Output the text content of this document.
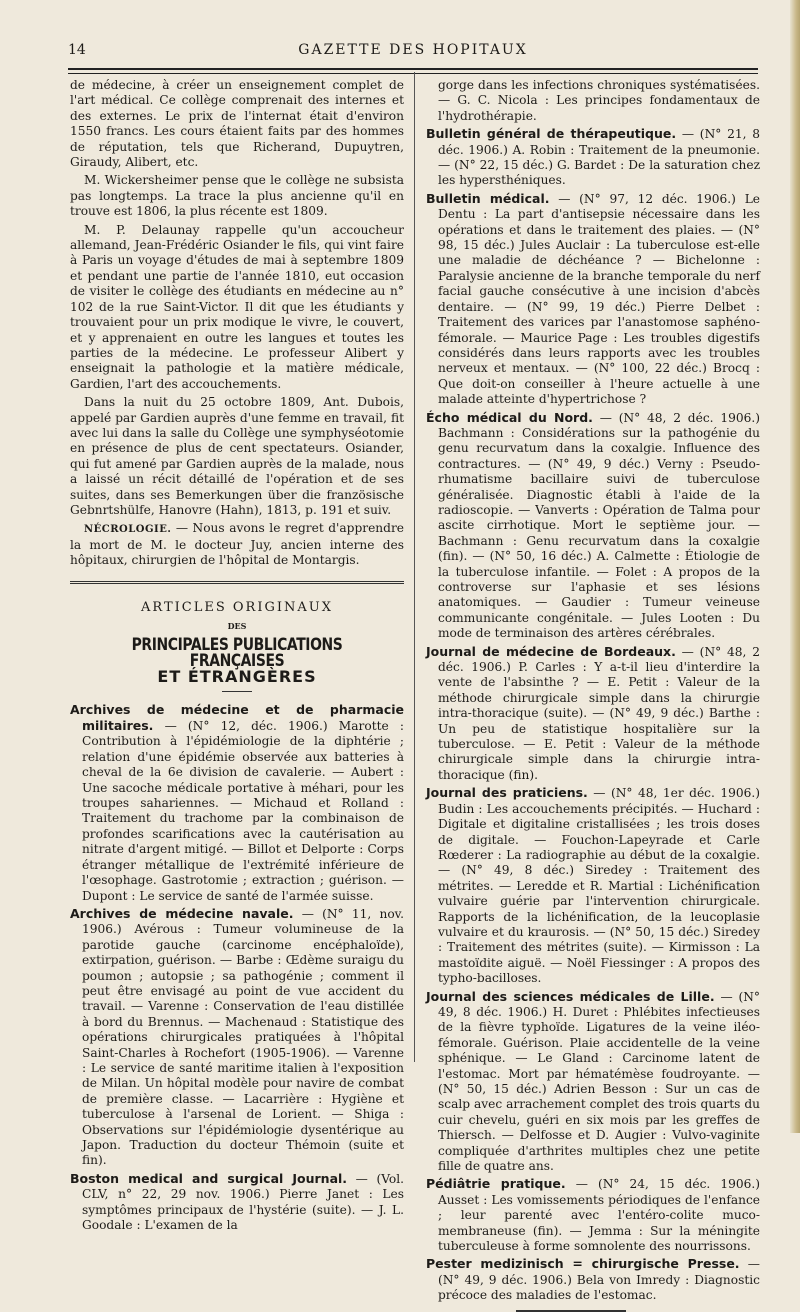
14	GAZETTE DES HOPITAUX

de médecine, à créer un enseignement complet de l'art médical. Ce collège comprenait des internes et des externes. Le prix de l'internat était d'environ 1550 francs. Les cours étaient faits par des hommes de réputation, tels que Richerand, Dupuytren, Giraudy, Alibert, etc.

M. Wickersheimer pense que le collège ne subsista pas longtemps. La trace la plus ancienne qu'il en trouve est 1806, la plus récente est 1809.

M. P. Delaunay rappelle qu'un accoucheur allemand, Jean-Frédéric Osiander le fils, qui vint faire à Paris un voyage d'études de mai à septembre 1809 et pendant une partie de l'année 1810, eut occasion de visiter le collège des étudiants en médecine au n° 102 de la rue Saint-Victor. Il dit que les étudiants y trouvaient pour un prix modique le vivre, le couvert, et y apprenaient en outre les langues et toutes les parties de la médecine. Le professeur Alibert y enseignait la pathologie et la matière médicale, Gardien, l'art des accouchements.

Dans la nuit du 25 octobre 1809, Ant. Dubois, appelé par Gardien auprès d'une femme en travail, fit avec lui dans la salle du Collège une symphyséotomie en présence de plus de cent spectateurs. Osiander, qui fut amené par Gardien auprès de la malade, nous a laissé un récit détaillé de l'opération et de ses suites, dans ses Bemerkungen über die französische Gebnrtshülfe, Hanovre (Hahn), 1813, p. 191 et suiv.

NÉCROLOGIE. — Nous avons le regret d'apprendre la mort de M. le docteur Juy, ancien interne des hôpitaux, chirurgien de l'hôpital de Montargis.

ARTICLES ORIGINAUX
DES
PRINCIPALES PUBLICATIONS FRANÇAISES
ET ÉTRANGÈRES

Archives de médecine et de pharmacie militaires. — (N° 12, déc. 1906.) Marotte : Contribution à l'épidémiologie de la diphtérie ; relation d'une épidémie observée aux batteries à cheval de la 6e division de cavalerie. — Aubert : Une sacoche médicale portative à méhari, pour les troupes sahariennes. — Michaud et Rolland : Traitement du trachome par la combinaison de profondes scarifications avec la cautérisation au nitrate d'argent mitigé. — Billot et Delporte : Corps étranger métallique de l'extrémité inférieure de l'œsophage. Gastrotomie ; extraction ; guérison. — Dupont : Le service de santé de l'armée suisse.

Archives de médecine navale. — (N° 11, nov. 1906.) Avérous : Tumeur volumineuse de la parotide gauche (carcinome encéphaloïde), extirpation, guérison. — Barbe : Œdème suraigu du poumon ; autopsie ; sa pathogénie ; comment il peut être envisagé au point de vue accident du travail. — Varenne : Conservation de l'eau distillée à bord du Brennus. — Machenaud : Statistique des opérations chirurgicales pratiquées à l'hôpital Saint-Charles à Rochefort (1905-1906). — Varenne : Le service de santé maritime italien à l'exposition de Milan. Un hôpital modèle pour navire de combat de première classe. — Lacarrière : Hygiène et tuberculose à l'arsenal de Lorient. — Shiga : Observations sur l'épidémiologie dysentérique au Japon. Traduction du docteur Thémoin (suite et fin).

Boston medical and surgical Journal. — (Vol. CLV, n° 22, 29 nov. 1906.) Pierre Janet : Les symptômes principaux de l'hystérie (suite). — J. L. Goodale : L'examen de la

gorge dans les infections chroniques systématisées. — G. C. Nicola : Les principes fondamentaux de l'hydrothérapie.

Bulletin général de thérapeutique. — (N° 21, 8 déc. 1906.) A. Robin : Traitement de la pneumonie. — (N° 22, 15 déc.) G. Bardet : De la saturation chez les hypersthéniques.

Bulletin médical. — (N° 97, 12 déc. 1906.) Le Dentu : La part d'antisepsie nécessaire dans les opérations et dans le traitement des plaies. — (N° 98, 15 déc.) Jules Auclair : La tuberculose est-elle une maladie de déchéance ? — Bichelonne : Paralysie ancienne de la branche temporale du nerf facial gauche consécutive à une incision d'abcès dentaire. — (N° 99, 19 déc.) Pierre Delbet : Traitement des varices par l'anastomose saphéno-fémorale. — Maurice Page : Les troubles digestifs considérés dans leurs rapports avec les troubles nerveux et mentaux. — (N° 100, 22 déc.) Brocq : Que doit-on conseiller à l'heure actuelle à une malade atteinte d'hypertrichose ?

Écho médical du Nord. — (N° 48, 2 déc. 1906.) Bachmann : Considérations sur la pathogénie du genu recurvatum dans la coxalgie. Influence des contractures. — (N° 49, 9 déc.) Verny : Pseudo-rhumatisme bacillaire suivi de tuberculose généralisée. Diagnostic établi à l'aide de la radioscopie. — Vanverts : Opération de Talma pour ascite cirrhotique. Mort le septième jour. — Bachmann : Genu recurvatum dans la coxalgie (fin). — (N° 50, 16 déc.) A. Calmette : Étiologie de la tuberculose infantile. — Folet : A propos de la controverse sur l'aphasie et ses lésions anatomiques. — Gaudier : Tumeur veineuse communicante congénitale. — Jules Looten : Du mode de terminaison des artères cérébrales.

Journal de médecine de Bordeaux. — (N° 48, 2 déc. 1906.) P. Carles : Y a-t-il lieu d'interdire la vente de l'absinthe ? — E. Petit : Valeur de la méthode chirurgicale simple dans la chirurgie intra-thoracique (suite). — (N° 49, 9 déc.) Barthe : Un peu de statistique hospitalière sur la tuberculose. — E. Petit : Valeur de la méthode chirurgicale simple dans la chirurgie intra-thoracique (fin).

Journal des praticiens. — (N° 48, 1er déc. 1906.) Budin : Les accouchements précipités. — Huchard : Digitale et digitaline cristallisées ; les trois doses de digitale. — Fouchon-Lapeyrade et Carle Rœderer : La radiographie au début de la coxalgie. — (N° 49, 8 déc.) Siredey : Traitement des métrites. — Leredde et R. Martial : Lichénification vulvaire guérie par l'intervention chirurgicale. Rapports de la lichénification, de la leucoplasie vulvaire et du kraurosis. — (N° 50, 15 déc.) Siredey : Traitement des métrites (suite). — Kirmisson : La mastoïdite aiguë. — Noël Fiessinger : A propos des typho-bacilloses.

Journal des sciences médicales de Lille. — (N° 49, 8 déc. 1906.) H. Duret : Phlébites infectieuses de la fièvre typhoïde. Ligatures de la veine iléo-fémorale. Guérison. Plaie accidentelle de la veine sphénique. — Le Gland : Carcinome latent de l'estomac. Mort par hématémèse foudroyante. — (N° 50, 15 déc.) Adrien Besson : Sur un cas de scalp avec arrachement complet des trois quarts du cuir chevelu, guéri en six mois par les greffes de Thiersch. — Delfosse et D. Augier : Vulvo-vaginite compliquée d'arthrites multiples chez une petite fille de quatre ans.

Pédiâtrie pratique. — (N° 24, 15 déc. 1906.) Ausset : Les vomissements périodiques de l'enfance ; leur parenté avec l'entéro-colite muco-membraneuse (fin). — Jemma : Sur la méningite tuberculeuse à forme somnolente des nourrissons.

Pester medizinisch = chirurgische Presse. — (N° 49, 9 déc. 1906.) Bela von Imredy : Diagnostic précoce des maladies de l'estomac.
